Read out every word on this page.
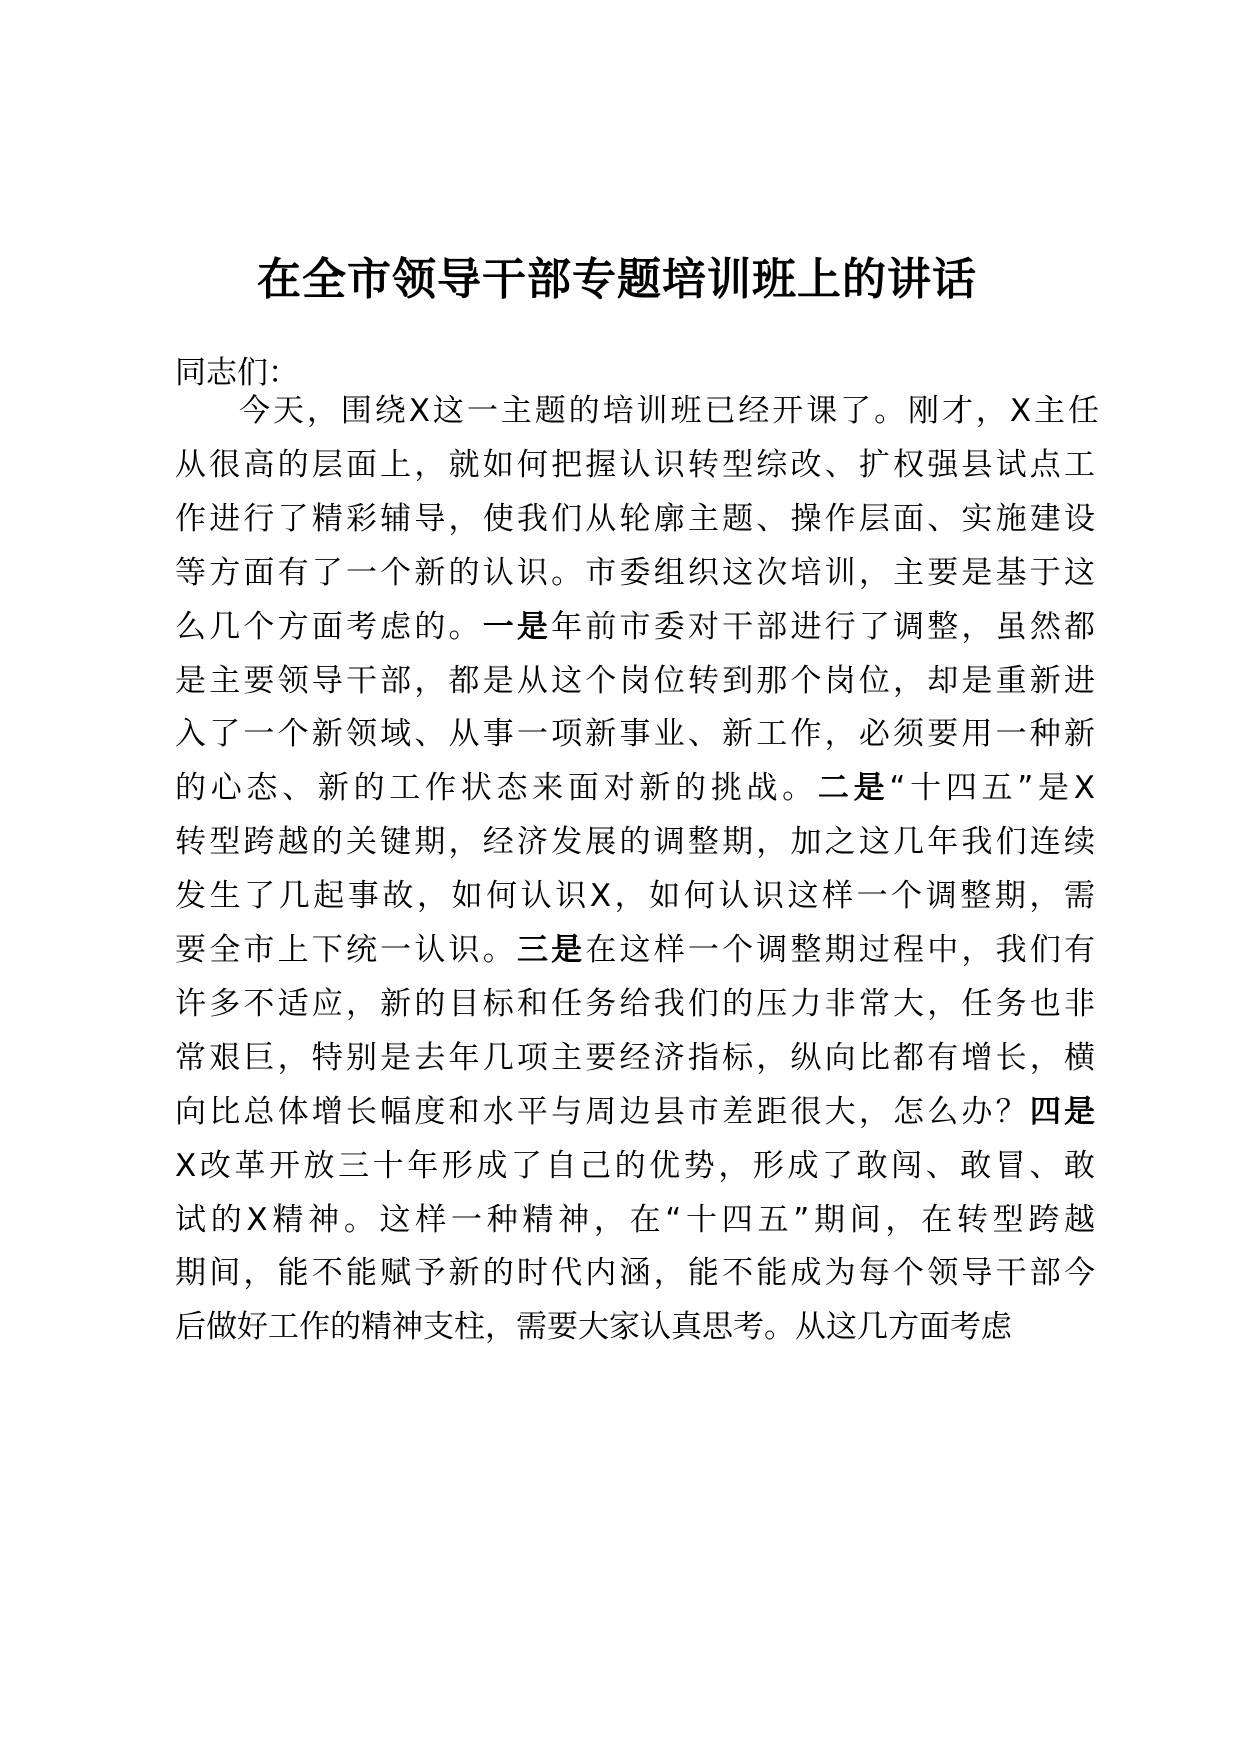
在全市领导干部专题培训班上的讲话

同志们：

今天，围绕X这一主题的培训班已经开课了。刚才，X主任

从很高的层面上，就如何把握认识转型综改、扩权强县试点工

作进行了精彩辅导，使我们从轮廓主题、操作层面、实施建设

等方面有了一个新的认识。市委组织这次培训，主要是基于这

么几个方面考虑的。一是年前市委对干部进行了调整，虽然都

是主要领导干部，都是从这个岗位转到那个岗位，却是重新进

入了一个新领域、从事一项新事业、新工作，必须要用一种新

的心态、新的工作状态来面对新的挑战。二是“十四五”是X

转型跨越的关键期，经济发展的调整期，加之这几年我们连续

发生了几起事故，如何认识X，如何认识这样一个调整期，需

要全市上下统一认识。三是在这样一个调整期过程中，我们有

许多不适应，新的目标和任务给我们的压力非常大，任务也非

常艰巨，特别是去年几项主要经济指标，纵向比都有增长，横

向比总体增长幅度和水平与周边县市差距很大，怎么办？四是

X改革开放三十年形成了自己的优势，形成了敢闯、敢冒、敢

试的X精神。这样一种精神，在“十四五”期间，在转型跨越

期间，能不能赋予新的时代内涵，能不能成为每个领导干部今

后做好工作的精神支柱，需要大家认真思考。从这几方面考虑
